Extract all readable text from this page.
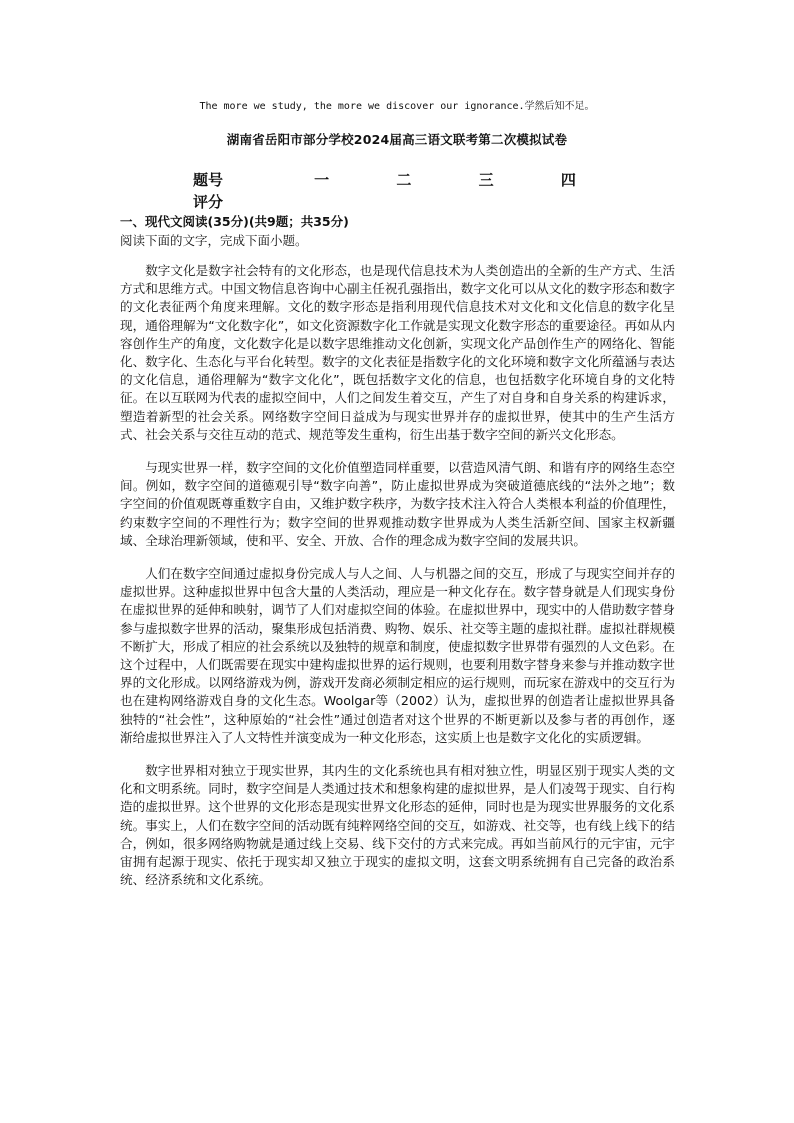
The more we study, the more we discover our ignorance.学然后知不足。
湖南省岳阳市部分学校2024届高三语文联考第二次模拟试卷
题号	一	二	三	四
评分
一、现代文阅读(35分)(共9题；共35分)
阅读下面的文字，完成下面小题。

数字文化是数字社会特有的文化形态，也是现代信息技术为人类创造出的全新的生产方式、生活方式和思维方式。中国文物信息咨询中心副主任祝孔强指出，数字文化可以从文化的数字形态和数字的文化表征两个角度来理解。文化的数字形态是指利用现代信息技术对文化和文化信息的数字化呈现，通俗理解为“文化数字化”，如文化资源数字化工作就是实现文化数字形态的重要途径。再如从内容创作生产的角度，文化数字化是以数字思维推动文化创新，实现文化产品创作生产的网络化、智能化、数字化、生态化与平台化转型。数字的文化表征是指数字化的文化环境和数字文化所蕴涵与表达的文化信息，通俗理解为“数字文化化”，既包括数字文化的信息，也包括数字化环境自身的文化特征。在以互联网为代表的虚拟空间中，人们之间发生着交互，产生了对自身和自身关系的构建诉求，塑造着新型的社会关系。网络数字空间日益成为与现实世界并存的虚拟世界，使其中的生产生活方式、社会关系与交往互动的范式、规范等发生重构，衍生出基于数字空间的新兴文化形态。

与现实世界一样，数字空间的文化价值塑造同样重要，以营造风清气朗、和谐有序的网络生态空间。例如，数字空间的道德观引导“数字向善”，防止虚拟世界成为突破道德底线的“法外之地”；数字空间的价值观既尊重数字自由，又维护数字秩序，为数字技术注入符合人类根本利益的价值理性，约束数字空间的不理性行为；数字空间的世界观推动数字世界成为人类生活新空间、国家主权新疆域、全球治理新领域，使和平、安全、开放、合作的理念成为数字空间的发展共识。

人们在数字空间通过虚拟身份完成人与人之间、人与机器之间的交互，形成了与现实空间并存的虚拟世界。这种虚拟世界中包含大量的人类活动，理应是一种文化存在。数字替身就是人们现实身份在虚拟世界的延伸和映射，调节了人们对虚拟空间的体验。在虚拟世界中，现实中的人借助数字替身参与虚拟数字世界的活动，聚集形成包括消费、购物、娱乐、社交等主题的虚拟社群。虚拟社群规模不断扩大，形成了相应的社会系统以及独特的规章和制度，使虚拟数字世界带有强烈的人文色彩。在这个过程中，人们既需要在现实中建构虚拟世界的运行规则，也要利用数字替身来参与并推动数字世界的文化形成。以网络游戏为例，游戏开发商必须制定相应的运行规则，而玩家在游戏中的交互行为也在建构网络游戏自身的文化生态。Woolgar等（2002）认为，虚拟世界的创造者让虚拟世界具备独特的“社会性”，这种原始的“社会性”通过创造者对这个世界的不断更新以及参与者的再创作，逐渐给虚拟世界注入了人文特性并演变成为一种文化形态，这实质上也是数字文化化的实质逻辑。

数字世界相对独立于现实世界，其内生的文化系统也具有相对独立性，明显区别于现实人类的文化和文明系统。同时，数字空间是人类通过技术和想象构建的虚拟世界，是人们凌驾于现实、自行构造的虚拟世界。这个世界的文化形态是现实世界文化形态的延伸，同时也是为现实世界服务的文化系统。事实上，人们在数字空间的活动既有纯粹网络空间的交互，如游戏、社交等，也有线上线下的结合，例如，很多网络购物就是通过线上交易、线下交付的方式来完成。再如当前风行的元宇宙，元宇宙拥有起源于现实、依托于现实却又独立于现实的虚拟文明，这套文明系统拥有自己完备的政治系统、经济系统和文化系统。
